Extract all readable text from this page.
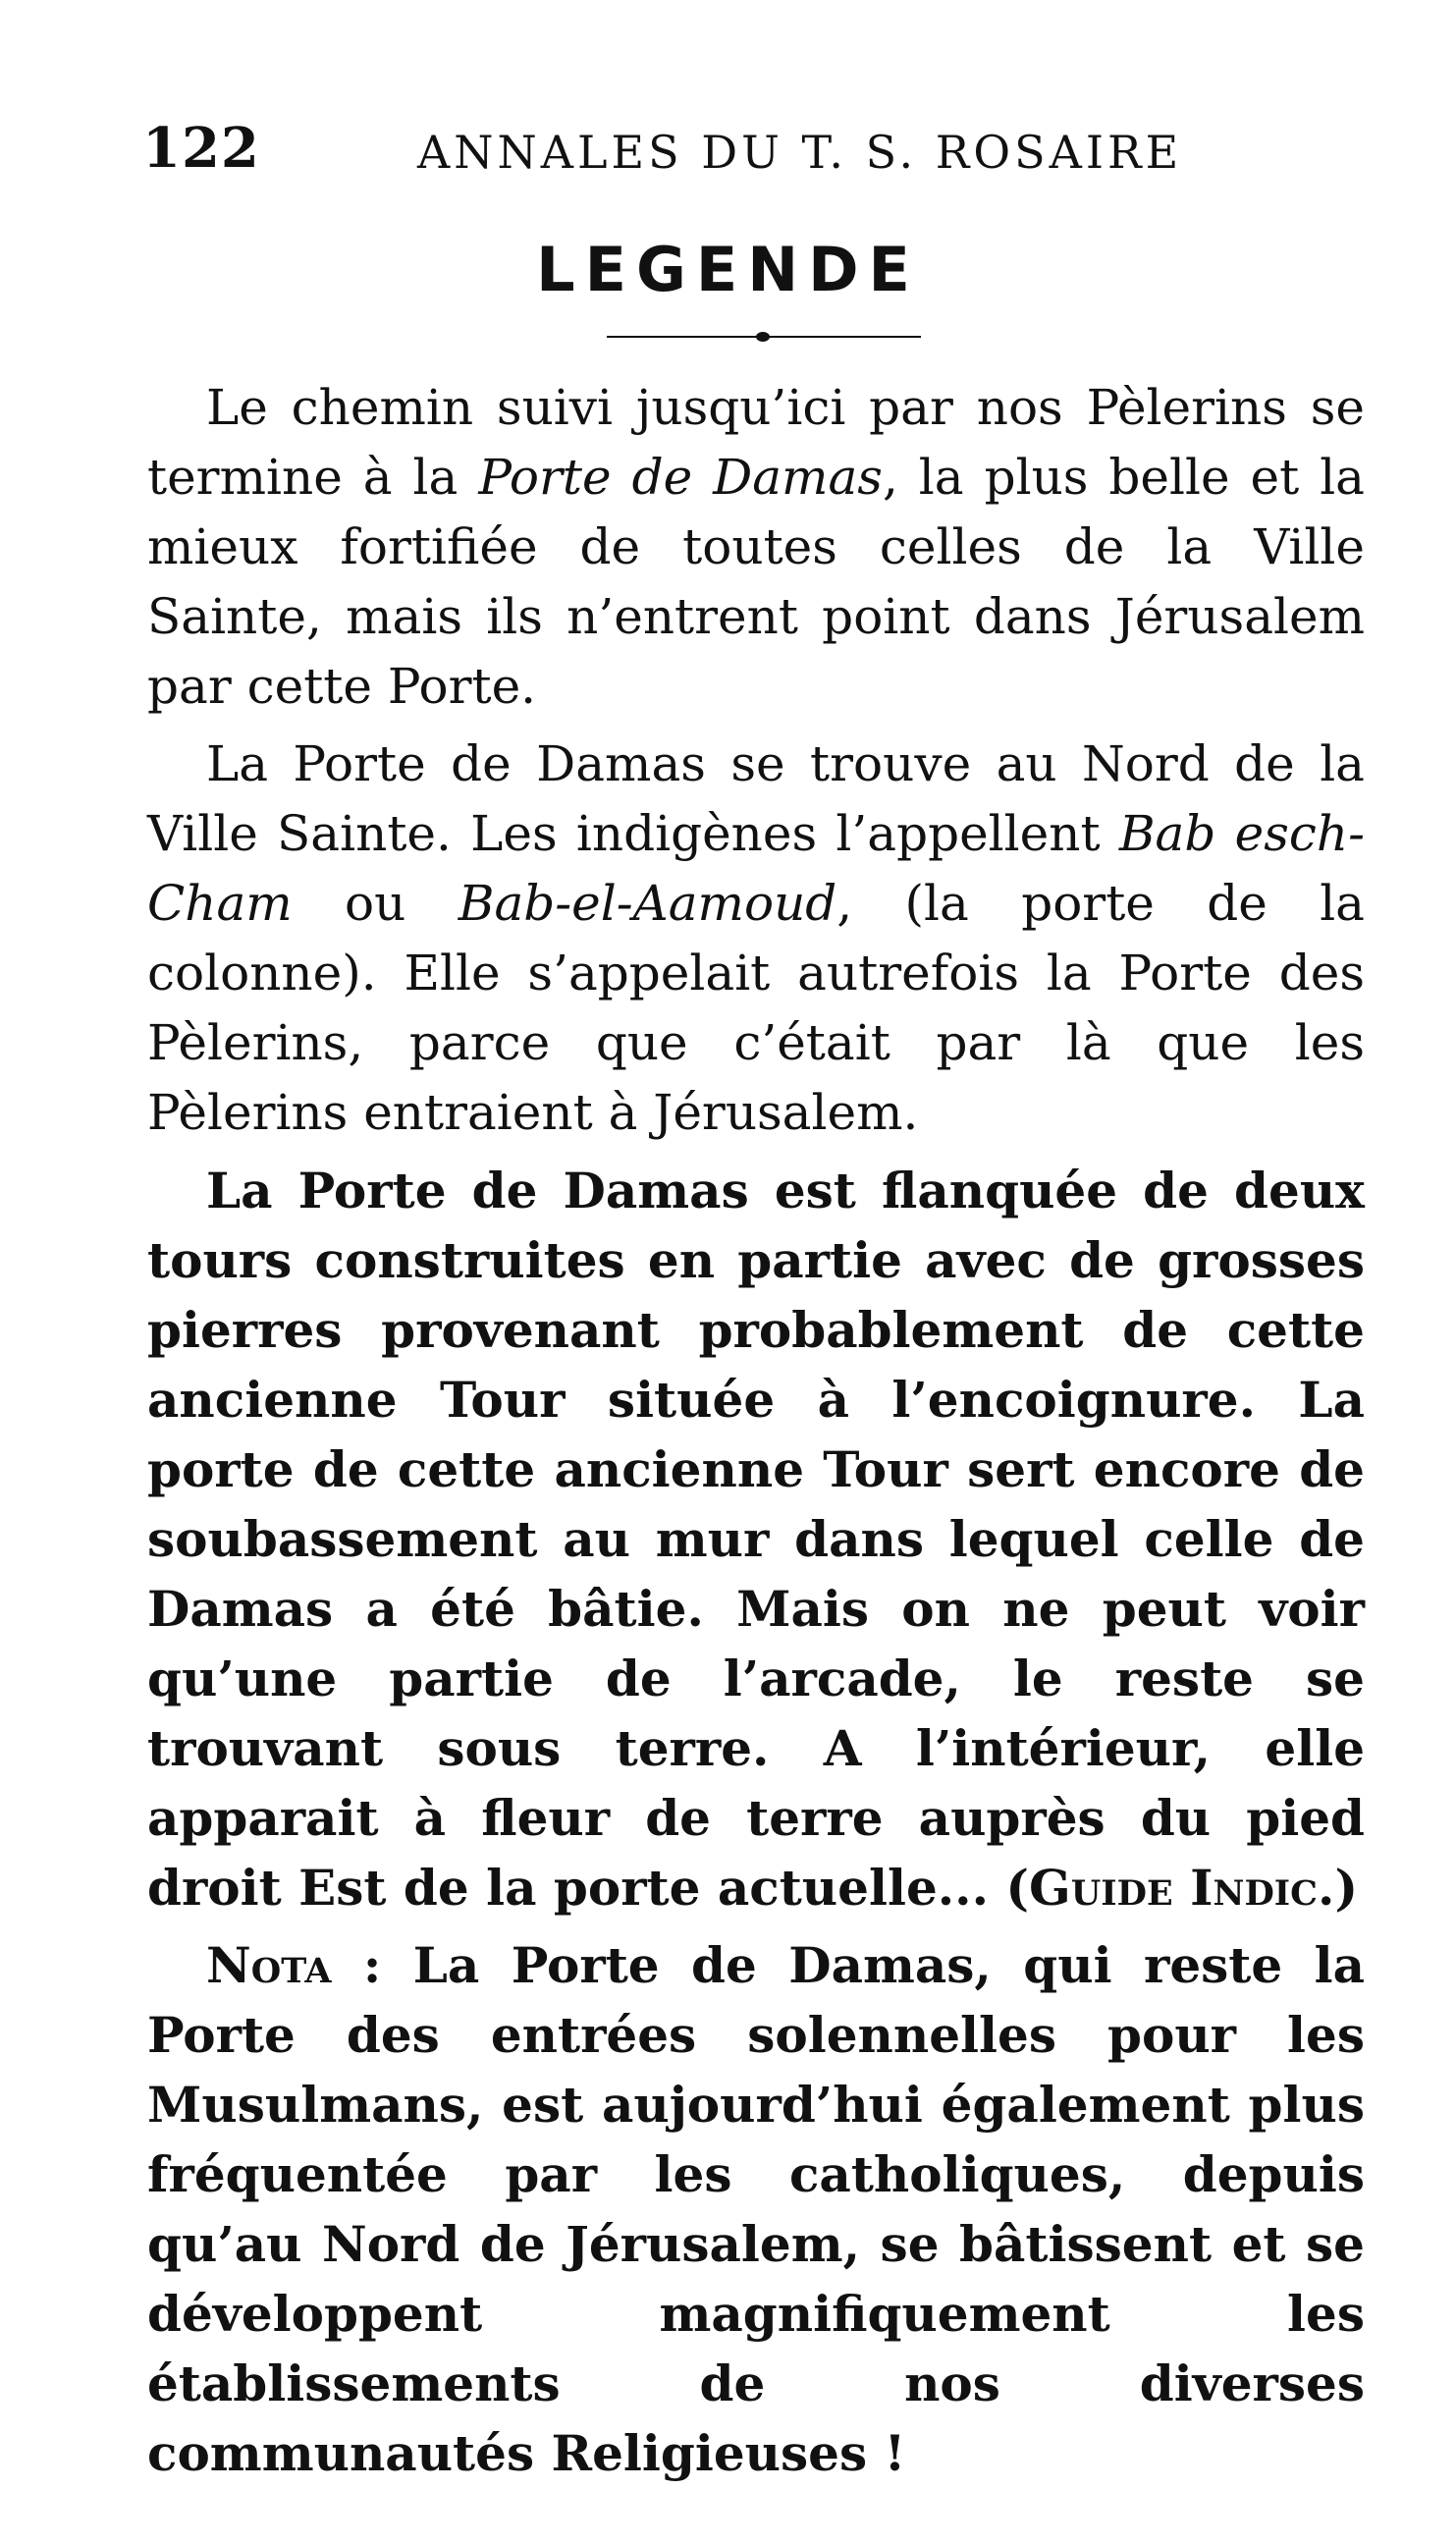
122	ANNALES DU T. S. ROSAIRE
LEGENDE

Le chemin suivi jusqu’ici par nos Pèlerins se termine à la Porte de Damas, la plus belle et la mieux fortifiée de toutes celles de la Ville Sainte, mais ils n’entrent point dans Jérusalem par cette Porte.

La Porte de Damas se trouve au Nord de la Ville Sainte. Les indigènes l’appellent Bab esch-Cham ou Bab-el-Aamoud, (la porte de la colonne). Elle s’appelait autrefois la Porte des Pèlerins, parce que c’était par là que les Pèlerins entraient à Jérusalem.

La Porte de Damas est flanquée de deux tours construites en partie avec de grosses pierres provenant probablement de cette ancienne Tour située à l’encoignure. La porte de cette ancienne Tour sert encore de soubassement au mur dans lequel celle de Damas a été bâtie. Mais on ne peut voir qu’une partie de l’arcade, le reste se trouvant sous terre. A l’intérieur, elle apparait à fleur de terre auprès du pied droit Est de la porte actuelle... (Guide Indic.)

Nota : La Porte de Damas, qui reste la Porte des entrées solennelles pour les Musulmans, est aujourd’hui également plus fréquentée par les catholiques, depuis qu’au Nord de Jérusalem, se bâtissent et se développent magnifiquement les établissements de nos diverses communautés Religieuses !
